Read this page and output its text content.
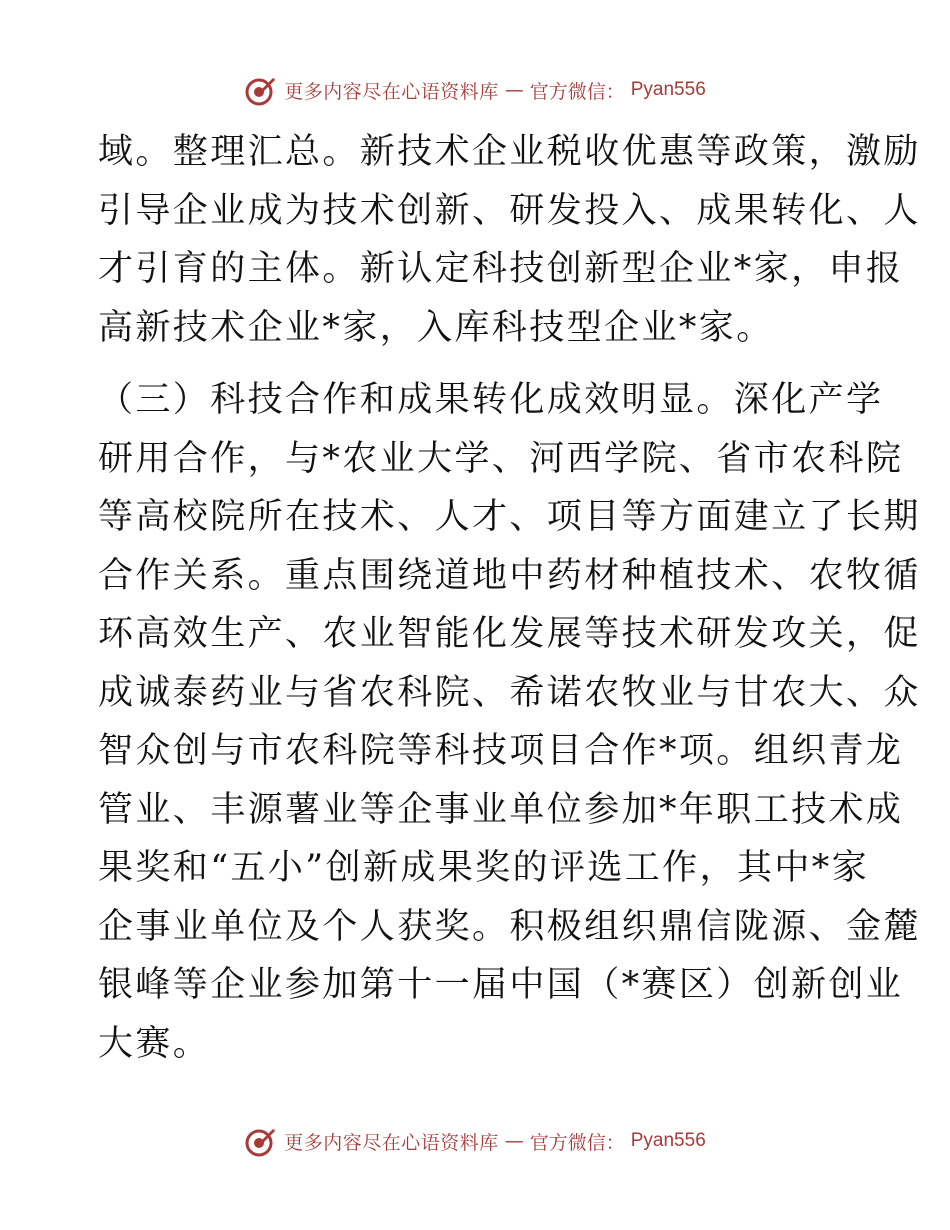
更多内容尽在心语资料库 — 官方微信： Pyan556
域。整理汇总。新技术企业税收优惠等政策，激励
引导企业成为技术创新、研发投入、成果转化、人
才引育的主体。新认定科技创新型企业*家，申报
高新技术企业*家，入库科技型企业*家。
（三）科技合作和成果转化成效明显。深化产学
研用合作，与*农业大学、河西学院、省市农科院
等高校院所在技术、人才、项目等方面建立了长期
合作关系。重点围绕道地中药材种植技术、农牧循
环高效生产、农业智能化发展等技术研发攻关，促
成诚泰药业与省农科院、希诺农牧业与甘农大、众
智众创与市农科院等科技项目合作*项。组织青龙
管业、丰源薯业等企事业单位参加*年职工技术成
果奖和“五小”创新成果奖的评选工作，其中*家
企事业单位及个人获奖。积极组织鼎信陇源、金麓
银峰等企业参加第十一届中国（*赛区）创新创业
大赛。
更多内容尽在心语资料库 — 官方微信： Pyan556
